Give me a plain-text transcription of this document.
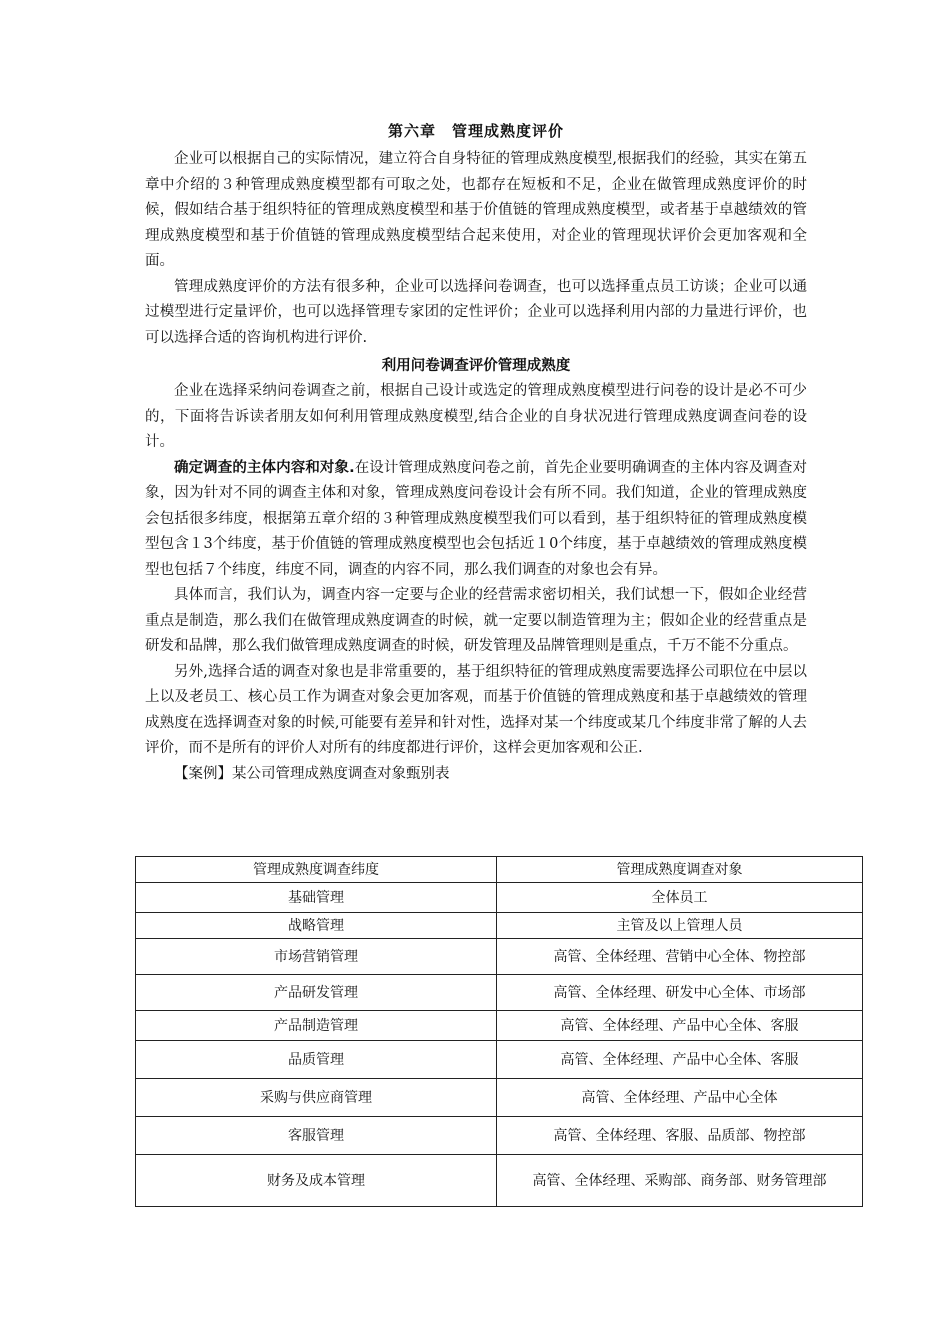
第六章　管理成熟度评价

企业可以根据自己的实际情况，建立符合自身特征的管理成熟度模型,根据我们的经验，其实在第五章中介绍的３种管理成熟度模型都有可取之处，也都存在短板和不足，企业在做管理成熟度评价的时候，假如结合基于组织特征的管理成熟度模型和基于价值链的管理成熟度模型，或者基于卓越绩效的管理成熟度模型和基于价值链的管理成熟度模型结合起来使用，对企业的管理现状评价会更加客观和全面。

管理成熟度评价的方法有很多种，企业可以选择问卷调查，也可以选择重点员工访谈；企业可以通过模型进行定量评价，也可以选择管理专家团的定性评价；企业可以选择利用内部的力量进行评价，也可以选择合适的咨询机构进行评价.

利用问卷调查评价管理成熟度

企业在选择采纳问卷调查之前，根据自己设计或选定的管理成熟度模型进行问卷的设计是必不可少的，下面将告诉读者朋友如何利用管理成熟度模型,结合企业的自身状况进行管理成熟度调查问卷的设计。

确定调查的主体内容和对象.在设计管理成熟度问卷之前，首先企业要明确调查的主体内容及调查对象，因为针对不同的调查主体和对象，管理成熟度问卷设计会有所不同。我们知道，企业的管理成熟度会包括很多纬度，根据第五章介绍的３种管理成熟度模型我们可以看到，基于组织特征的管理成熟度模型包含１3个纬度，基于价值链的管理成熟度模型也会包括近１0个纬度，基于卓越绩效的管理成熟度模型也包括７个纬度，纬度不同，调查的内容不同，那么我们调查的对象也会有异。

具体而言，我们认为，调查内容一定要与企业的经营需求密切相关，我们试想一下，假如企业经营重点是制造，那么我们在做管理成熟度调查的时候，就一定要以制造管理为主；假如企业的经营重点是研发和品牌，那么我们做管理成熟度调查的时候，研发管理及品牌管理则是重点，千万不能不分重点。

另外,选择合适的调查对象也是非常重要的，基于组织特征的管理成熟度需要选择公司职位在中层以上以及老员工、核心员工作为调查对象会更加客观，而基于价值链的管理成熟度和基于卓越绩效的管理成熟度在选择调查对象的时候,可能要有差异和针对性，选择对某一个纬度或某几个纬度非常了解的人去评价，而不是所有的评价人对所有的纬度都进行评价，这样会更加客观和公正.

【案例】某公司管理成熟度调查对象甄别表
管理成熟度调查纬度	管理成熟度调查对象
基础管理	全体员工
战略管理	主管及以上管理人员
市场营销管理	高管、全体经理、营销中心全体、物控部
产品研发管理	高管、全体经理、研发中心全体、市场部
产品制造管理	高管、全体经理、产品中心全体、客服
品质管理	高管、全体经理、产品中心全体、客服
采购与供应商管理	高管、全体经理、产品中心全体
客服管理	高管、全体经理、客服、品质部、物控部
财务及成本管理	高管、全体经理、采购部、商务部、财务管理部
